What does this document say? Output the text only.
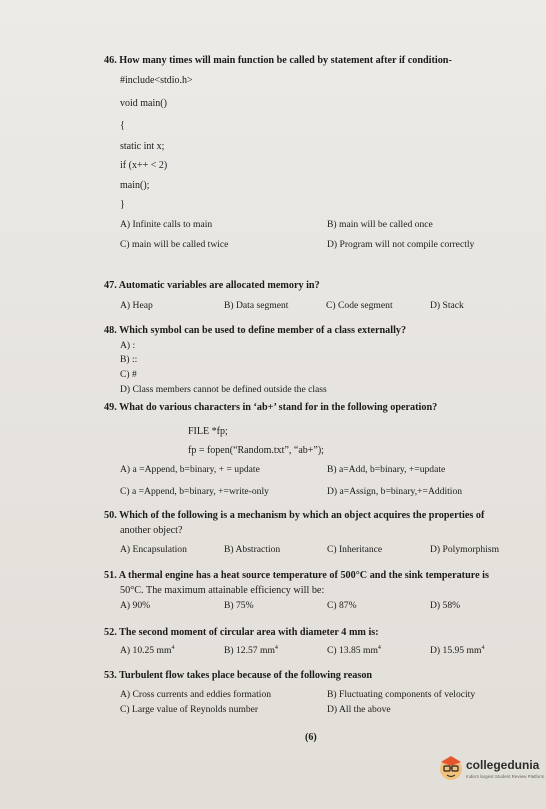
46. How many times will main function be called by statement after if condition-
#include<stdio.h>
void main()
{
static int x;
if (x++ < 2)
main();
}
A) Infinite calls to main	B) main will be called once
C) main will be called twice	D) Program will not compile correctly
47. Automatic variables are allocated memory in?
A) Heap	B) Data segment	C) Code segment	D) Stack
48. Which symbol can be used to define member of a class externally?
A) :
B) ::
C) #
D) Class members cannot be defined outside the class
49. What do various characters in ‘ab+’ stand for in the following operation?
FILE *fp;
fp = fopen(“Random.txt”, “ab+”);
A) a =Append, b=binary, + = update	B) a=Add, b=binary, +=update
C) a =Append, b=binary, +=write-only	D) a=Assign, b=binary,+=Addition
50. Which of the following is a mechanism by which an object acquires the properties of
another object?
A) Encapsulation	B) Abstraction	C) Inheritance	D) Polymorphism
51. A thermal engine has a heat source temperature of 500°C and the sink temperature is
50°C. The maximum attainable efficiency will be:
A) 90%	B) 75%	C) 87%	D) 58%
52. The second moment of circular area with diameter 4 mm is:
A) 10.25 $mm^4$	B) 12.57 $mm^4$	C) 13.85 $mm^4$	D) 15.95 $mm^4$
53. Turbulent flow takes place because of the following reason
A) Cross currents and eddies formation	B) Fluctuating components of velocity
C) Large value of Reynolds number	D) All the above
(6)
collegedunia
India's largest Student Review Platform
